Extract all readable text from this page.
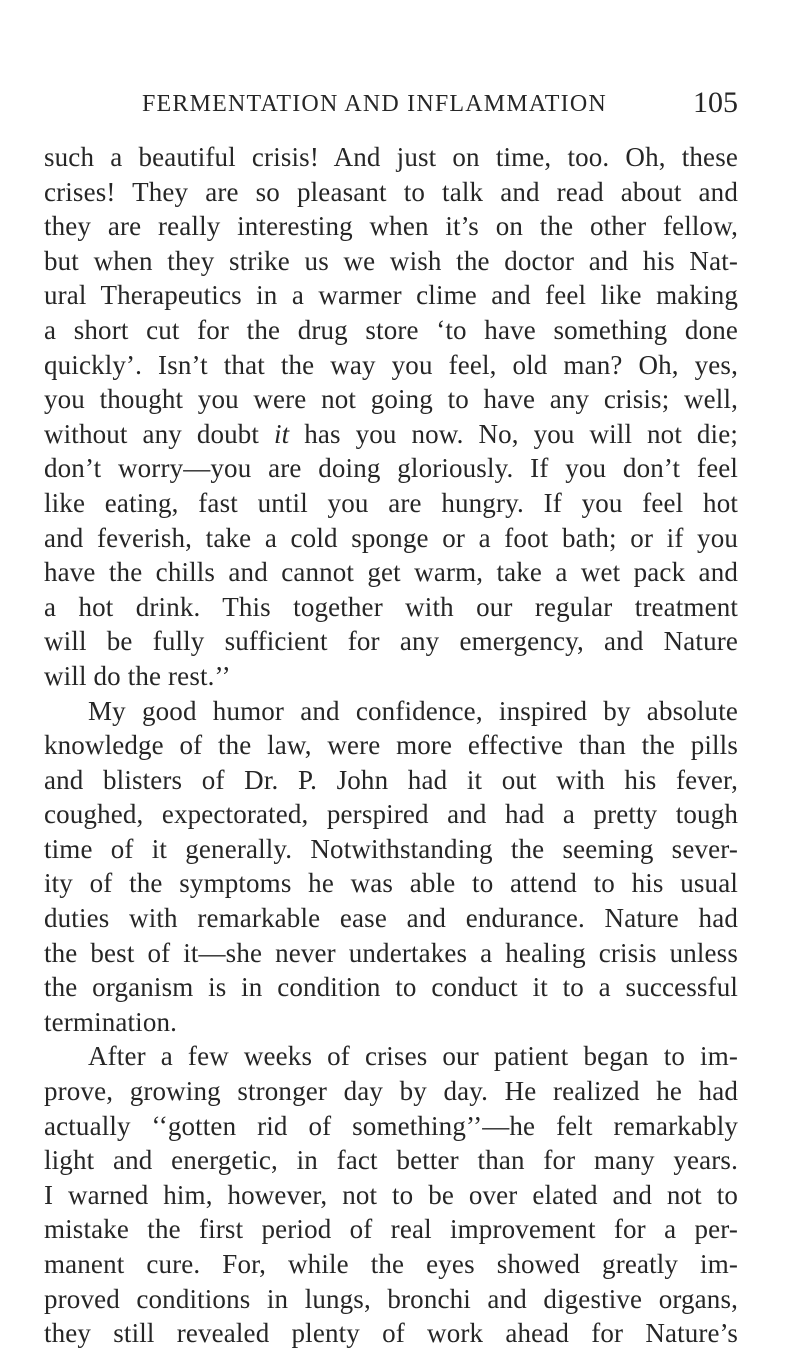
FERMENTATION AND INFLAMMATION	105
such a beautiful crisis! And just on time, too. Oh, these
crises! They are so pleasant to talk and read about and
they are really interesting when it’s on the other fellow,
but when they strike us we wish the doctor and his Nat-
ural Therapeutics in a warmer clime and feel like making
a short cut for the drug store ‘to have something done
quickly’. Isn’t that the way you feel, old man? Oh, yes,
you thought you were not going to have any crisis; well,
without any doubt it has you now. No, you will not die;
don’t worry—you are doing gloriously. If you don’t feel
like eating, fast until you are hungry. If you feel hot
and feverish, take a cold sponge or a foot bath; or if you
have the chills and cannot get warm, take a wet pack and
a hot drink. This together with our regular treatment
will be fully sufficient for any emergency, and Nature
will do the rest.’’
My good humor and confidence, inspired by absolute
knowledge of the law, were more effective than the pills
and blisters of Dr. P. John had it out with his fever,
coughed, expectorated, perspired and had a pretty tough
time of it generally. Notwithstanding the seeming sever-
ity of the symptoms he was able to attend to his usual
duties with remarkable ease and endurance. Nature had
the best of it—she never undertakes a healing crisis unless
the organism is in condition to conduct it to a successful
termination.
After a few weeks of crises our patient began to im-
prove, growing stronger day by day. He realized he had
actually ‘‘gotten rid of something’’—he felt remarkably
light and energetic, in fact better than for many years.
I warned him, however, not to be over elated and not to
mistake the first period of real improvement for a per-
manent cure. For, while the eyes showed greatly im-
proved conditions in lungs, bronchi and digestive organs,
they still revealed plenty of work ahead for Nature’s
